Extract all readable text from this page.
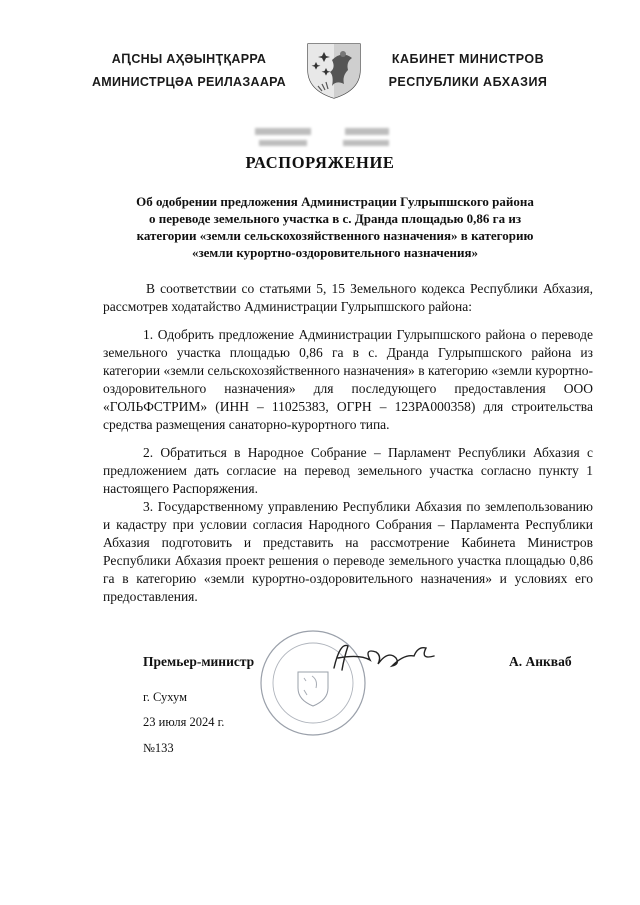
АԤСНЫ АҲӘЫНҬҚАРРА
АМИНИСТРЦӘА РЕИЛАЗААРА
КАБИНЕТ МИНИСТРОВ
РЕСПУБЛИКИ АБХАЗИЯ
РАСПОРЯЖЕНИЕ
Об одобрении предложения Администрации Гулрыпшского района
о переводе земельного участка в с. Дранда площадью 0,86 га из
категории «земли сельскохозяйственного назначения» в категорию
«земли курортно-оздоровительного назначения»
В соответствии со статьями 5, 15 Земельного кодекса Республики Абхазия, рассмотрев ходатайство Администрации Гулрыпшского района:
1. Одобрить предложение Администрации Гулрыпшского района о переводе земельного участка площадью 0,86 га в с. Дранда Гулрыпшского района из категории «земли сельскохозяйственного назначения» в категорию «земли курортно-оздоровительного назначения» для последующего предоставления ООО «ГОЛЬФСТРИМ» (ИНН – 11025383, ОГРН – 123РА000358) для строительства средства размещения санаторно-курортного типа.
2. Обратиться в Народное Собрание – Парламент Республики Абхазия с предложением дать согласие на перевод земельного участка согласно пункту 1 настоящего Распоряжения.
3. Государственному управлению Республики Абхазия по землепользованию и кадастру при условии согласия Народного Собрания – Парламента Республики Абхазия подготовить и представить на рассмотрение Кабинета Министров Республики Абхазия проект решения о переводе земельного участка площадью 0,86 га в категорию «земли курортно-оздоровительного назначения» и условиях его предоставления.
Премьер-министр	А. Анкваб
г. Сухум
23 июля 2024 г.
№133
